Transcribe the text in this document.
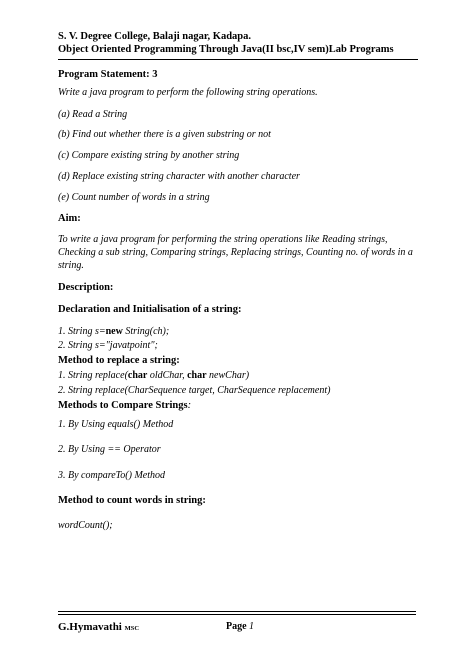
S. V. Degree College, Balaji nagar, Kadapa.
Object Oriented Programming Through Java(II bsc,IV sem)Lab Programs
Program Statement: 3
Write a java program to perform the following string operations.
(a) Read a String
(b) Find out whether there is a given substring or not
(c) Compare existing string by another string
(d) Replace existing string character with another character
(e) Count number of words in a string
Aim:
To write a java program for performing the string operations like Reading strings, Checking a sub string, Comparing strings, Replacing strings, Counting no. of words in a string.
Description:
Declaration and Initialisation of a string:
1. String s=new String(ch);
2. String s="javatpoint";
Method to replace a string:
1. String replace(char oldChar, char newChar)
2. String replace(CharSequence target, CharSequence replacement)
Methods to Compare Strings:
1. By Using equals() Method
2. By Using == Operator
3. By compareTo() Method
Method to count words in string:
wordCount();
G.Hymavathi MSC	Page 1
